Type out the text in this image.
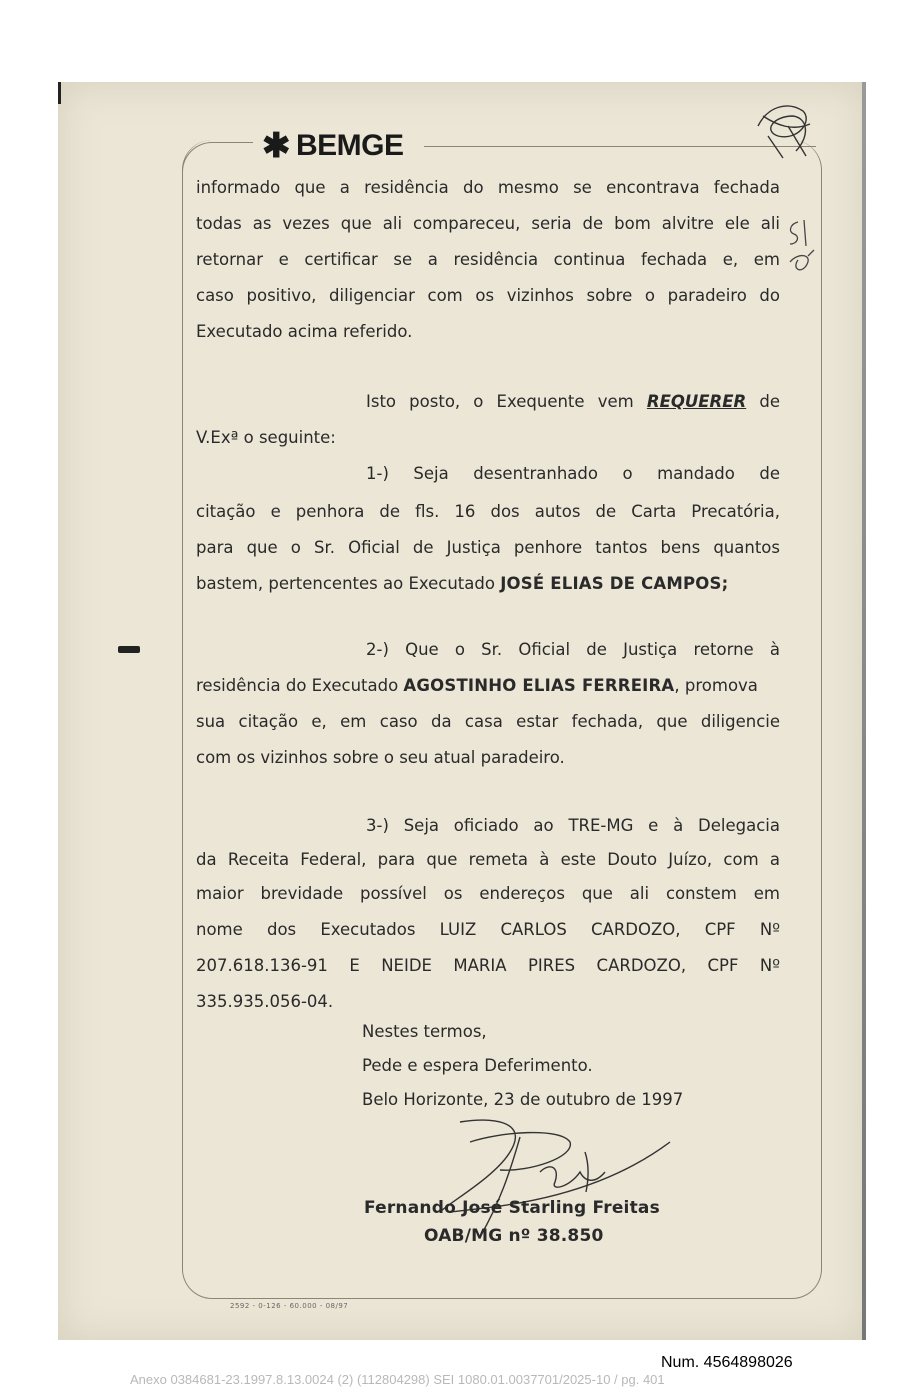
✱ BEMGE
informado que a residência do mesmo se encontrava fechada
todas as vezes que ali compareceu, seria de bom alvitre ele ali
retornar e certificar se a residência continua fechada e, em
caso positivo, diligenciar com os vizinhos sobre o paradeiro do
Executado acima referido.
Isto posto, o Exequente vem REQUERER de
V.Exª o seguinte:
1-) Seja desentranhado o mandado de
citação e penhora de fls. 16 dos autos de Carta Precatória,
para que o Sr. Oficial de Justiça penhore tantos bens quantos
bastem, pertencentes ao Executado JOSÉ ELIAS DE CAMPOS;
2-) Que o Sr. Oficial de Justiça retorne à
residência do Executado AGOSTINHO ELIAS FERREIRA, promova
sua citação e, em caso da casa estar fechada, que diligencie
com os vizinhos sobre o seu atual paradeiro.
3-) Seja oficiado ao TRE-MG e à Delegacia
da Receita Federal, para que remeta à este Douto Juízo, com a
maior brevidade possível os endereços que ali constem em
nome dos Executados LUIZ CARLOS CARDOZO, CPF Nº
207.618.136-91 E NEIDE MARIA PIRES CARDOZO, CPF Nº
335.935.056-04.
Nestes termos,
Pede e espera Deferimento.
Belo Horizonte, 23 de outubro de 1997
Fernando José Starling Freitas
OAB/MG nº 38.850
2592 - 0-126 - 60.000 - 08/97
Num. 4564898026
Anexo 0384681-23.1997.8.13.0024 (2) (112804298) SEI 1080.01.0037701/2025-10 / pg. 401
